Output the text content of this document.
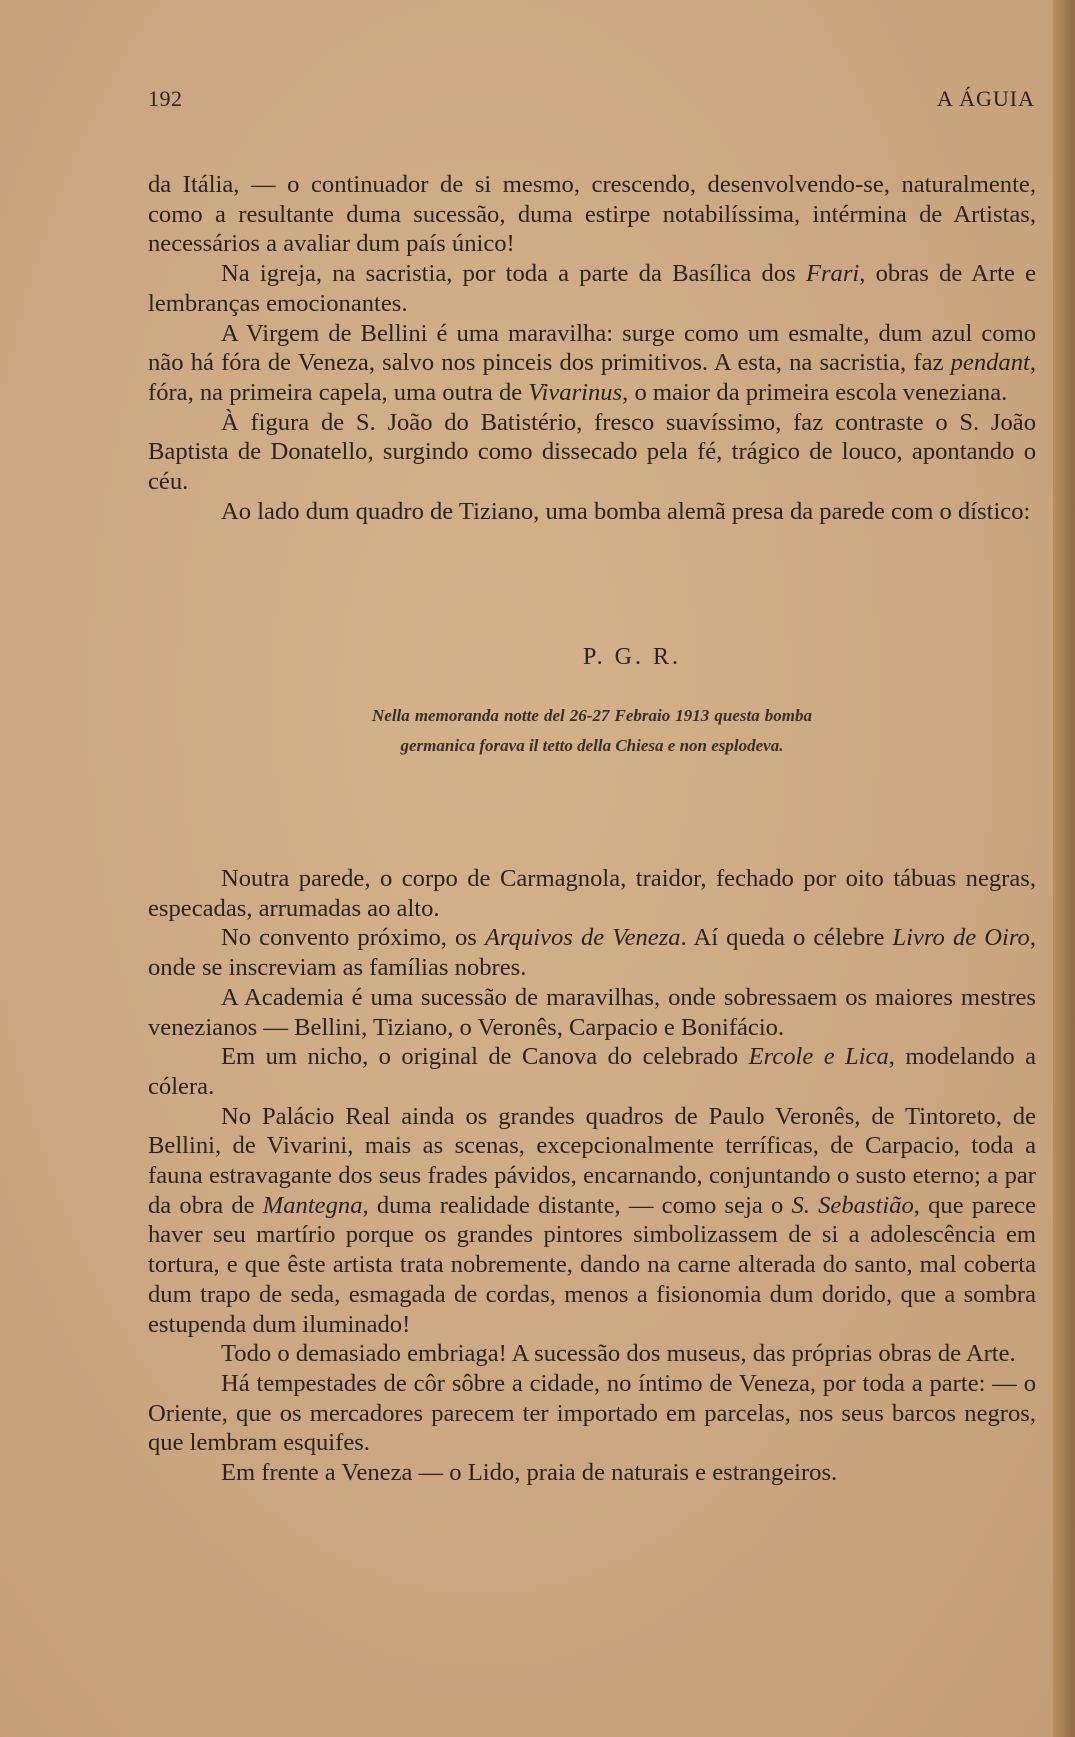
192	A ÁGUIA

da Itália, — o continuador de si mesmo, crescendo, desenvolvendo-se, naturalmente, como a resultante duma sucessão, duma estirpe notabilíssima, intérmina de Artistas, necessários a avaliar dum país único!

Na igreja, na sacristia, por toda a parte da Basílica dos Frari, obras de Arte e lembranças emocionantes.

A Virgem de Bellini é uma maravilha: surge como um esmalte, dum azul como não há fóra de Veneza, salvo nos pinceis dos primitivos. A esta, na sacristia, faz pendant, fóra, na primeira capela, uma outra de Vivarinus, o maior da primeira escola veneziana.

À figura de S. João do Batistério, fresco suavíssimo, faz contraste o S. João Baptista de Donatello, surgindo como dissecado pela fé, trágico de louco, apontando o céu.

Ao lado dum quadro de Tiziano, uma bomba alemã presa da parede com o dístico:

P. G. R.
Nella memoranda notte del 26-27 Febraio 1913 questa bomba germanica forava il tetto della Chiesa e non esplodeva.

Noutra parede, o corpo de Carmagnola, traidor, fechado por oito tábuas negras, especadas, arrumadas ao alto.

No convento próximo, os Arquivos de Veneza. Aí queda o célebre Livro de Oiro, onde se inscreviam as famílias nobres.

A Academia é uma sucessão de maravilhas, onde sobressaem os maiores mestres venezianos — Bellini, Tiziano, o Veronês, Carpacio e Bonifácio.

Em um nicho, o original de Canova do celebrado Ercole e Lica, modelando a cólera.

No Palácio Real ainda os grandes quadros de Paulo Veronês, de Tintoreto, de Bellini, de Vivarini, mais as scenas, excepcionalmente terríficas, de Carpacio, toda a fauna estravagante dos seus frades pávidos, encarnando, conjuntando o susto eterno; a par da obra de Mantegna, duma realidade distante, — como seja o S. Sebastião, que parece haver seu martírio porque os grandes pintores simbolizassem de si a adolescência em tortura, e que êste artista trata nobremente, dando na carne alterada do santo, mal coberta dum trapo de seda, esmagada de cordas, menos a fisionomia dum dorido, que a sombra estupenda dum iluminado!

Todo o demasiado embriaga! A sucessão dos museus, das próprias obras de Arte.

Há tempestades de côr sôbre a cidade, no íntimo de Veneza, por toda a parte: — o Oriente, que os mercadores parecem ter importado em parcelas, nos seus barcos negros, que lembram esquifes.

Em frente a Veneza — o Lido, praia de naturais e estrangeiros.
